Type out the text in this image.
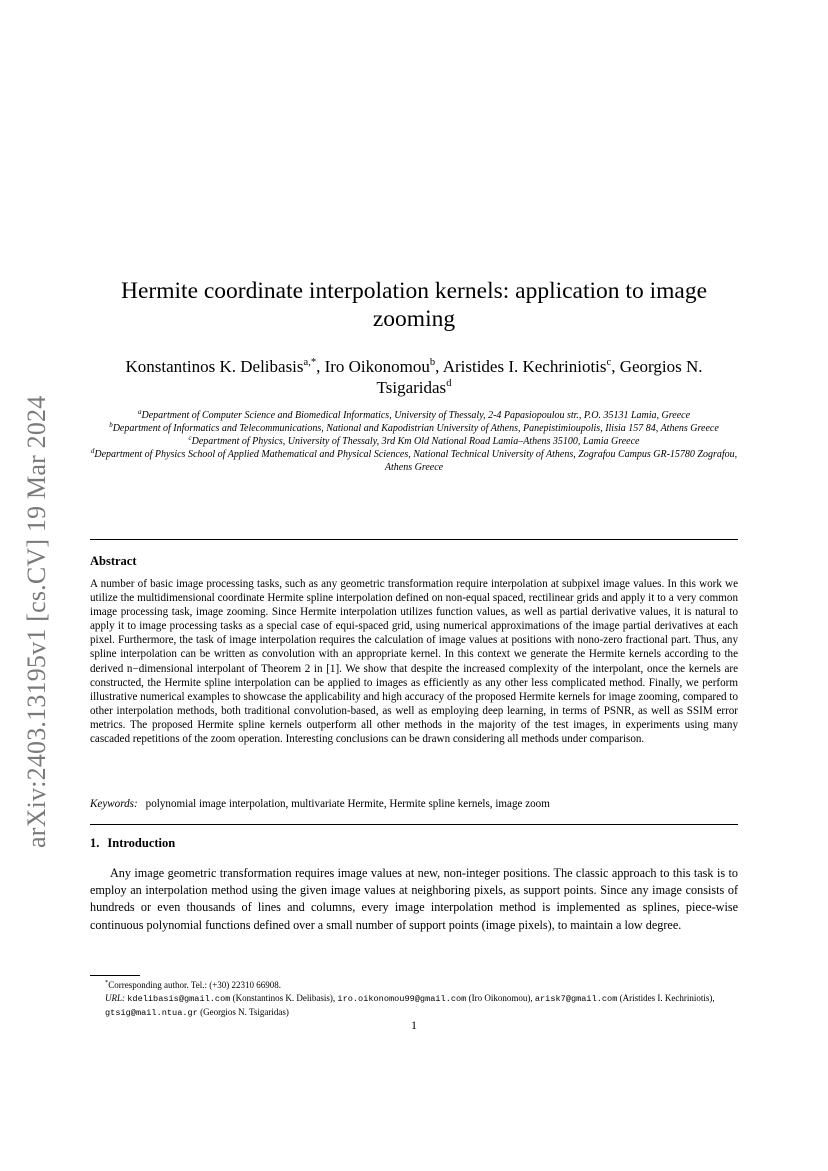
arXiv:2403.13195v1 [cs.CV] 19 Mar 2024
Hermite coordinate interpolation kernels: application to image zooming
Konstantinos K. Delibasis$^{a,*}$, Iro Oikonomou$^b$, Aristides I. Kechriniotis$^c$, Georgios N. Tsigaridas$^d$
$^a$Department of Computer Science and Biomedical Informatics, University of Thessaly, 2-4 Papasiopoulou str., P.O. 35131 Lamia, Greece
$^b$Department of Informatics and Telecommunications, National and Kapodistrian University of Athens, Panepistimioupolis, Ilisia 157 84, Athens Greece
$^c$Department of Physics, University of Thessaly, 3rd Km Old National Road Lamia–Athens 35100, Lamia Greece
$^d$Department of Physics School of Applied Mathematical and Physical Sciences, National Technical University of Athens, Zografou Campus GR-15780 Zografou, Athens Greece
Abstract
A number of basic image processing tasks, such as any geometric transformation require interpolation at subpixel image values. In this work we utilize the multidimensional coordinate Hermite spline interpolation defined on non-equal spaced, rectilinear grids and apply it to a very common image processing task, image zooming. Since Hermite interpolation utilizes function values, as well as partial derivative values, it is natural to apply it to image processing tasks as a special case of equi-spaced grid, using numerical approximations of the image partial derivatives at each pixel. Furthermore, the task of image interpolation requires the calculation of image values at positions with nono-zero fractional part. Thus, any spline interpolation can be written as convolution with an appropriate kernel. In this context we generate the Hermite kernels according to the derived n−dimensional interpolant of Theorem 2 in [1]. We show that despite the increased complexity of the interpolant, once the kernels are constructed, the Hermite spline interpolation can be applied to images as efficiently as any other less complicated method. Finally, we perform illustrative numerical examples to showcase the applicability and high accuracy of the proposed Hermite kernels for image zooming, compared to other interpolation methods, both traditional convolution-based, as well as employing deep learning, in terms of PSNR, as well as SSIM error metrics. The proposed Hermite spline kernels outperform all other methods in the majority of the test images, in experiments using many cascaded repetitions of the zoom operation. Interesting conclusions can be drawn considering all methods under comparison.
Keywords: polynomial image interpolation, multivariate Hermite, Hermite spline kernels, image zoom
1. Introduction
Any image geometric transformation requires image values at new, non-integer positions. The classic approach to this task is to employ an interpolation method using the given image values at neighboring pixels, as support points. Since any image consists of hundreds or even thousands of lines and columns, every image interpolation method is implemented as splines, piece-wise continuous polynomial functions defined over a small number of support points (image pixels), to maintain a low degree.
*Corresponding author. Tel.: (+30) 22310 66908.
URL: kdelibasis@gmail.com (Konstantinos K. Delibasis), iro.oikonomou99@gmail.com (Iro Oikonomou), arisk7@gmail.com (Aristides I. Kechriniotis), gtsig@mail.ntua.gr (Georgios N. Tsigaridas)
1
